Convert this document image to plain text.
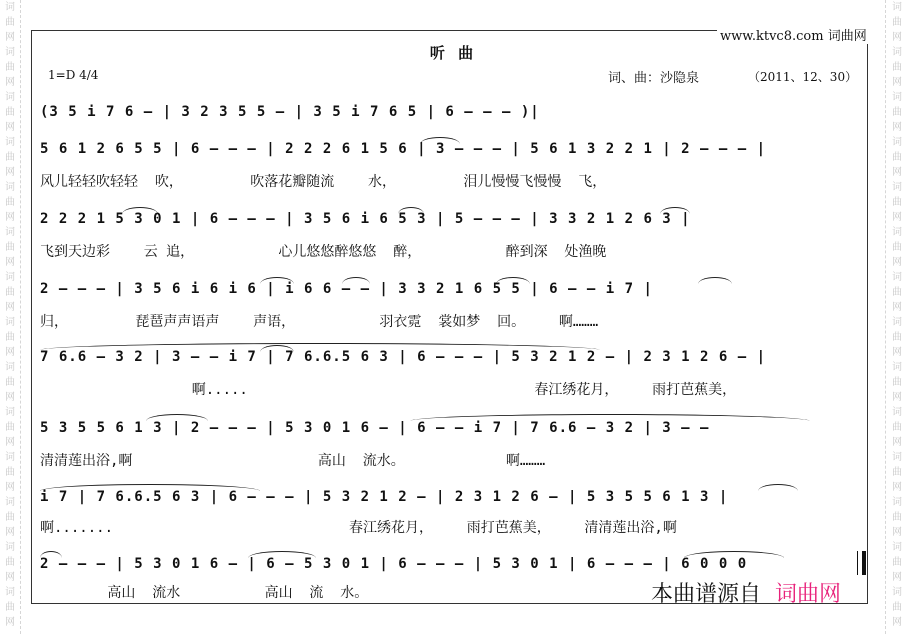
词曲网词曲网词曲网词曲网词曲网词曲网词曲网词曲网词曲网词曲网词曲网词曲网词曲网词曲网
词曲网词曲网词曲网词曲网词曲网词曲网词曲网词曲网词曲网词曲网词曲网词曲网词曲网词曲网
www.ktvc8.com 词曲网
听 曲
1=D 4/4	词、曲：沙隐泉	（2011、12、30）
(3 5 i 7 6 — | 3 2 3 5 5 — | 3 5 i 7 6 5 | 6 — — — )|
5 6 1 2 6 5 5 | 6 — — — | 2 2 2 6 1 5 6 | 3 — — — | 5 6 1 3 2 2 1 | 2 — — — |
风儿轻轻吹轻轻  吹，        吹落花瓣随流    水，        泪儿慢慢飞慢慢  飞，
2 2 2 1 5 3 0 1 | 6 — — — | 3 5 6 i 6 5 3 | 5 — — — | 3 3 2 1 2 6 3 |
飞到天边彩    云 追，          心儿悠悠醉悠悠  醉，          醉到深  处渔晚
2 — — — | 3 5 6 i 6 i 6 | i 6 6 — — | 3 3 2 1 6 5 5 | 6 — — i 7 |
归，        琵琶声声语声    声语，          羽衣霓  裳如梦  回。    啊………
7 6.6 — 3 2 | 3 — — i 7 | 7 6.6.5 6 3 | 6 — — — | 5 3 2 1 2 — | 2 3 1 2 6 — |
啊.....                                  春江绣花月，    雨打芭蕉美，
5 3 5 5 6 1 3 | 2 — — — | 5 3 0 1 6 — | 6 — — i 7 | 7 6.6 — 3 2 | 3 — —
清清莲出浴,啊                      高山  流水。            啊………
i 7 | 7 6.6.5 6 3 | 6 — — — | 5 3 2 1 2 — | 2 3 1 2 6 — | 5 3 5 5 6 1 3 |
啊.......                            春江绣花月，    雨打芭蕉美，    清清莲出浴,啊
2 — — — | 5 3 0 1 6 — | 6 — 5 3 0 1 | 6 — — — | 5 3 0 1 | 6 — — — | 6 0 0 0
高山  流水          高山  流  水。	本曲谱源自 词曲网
